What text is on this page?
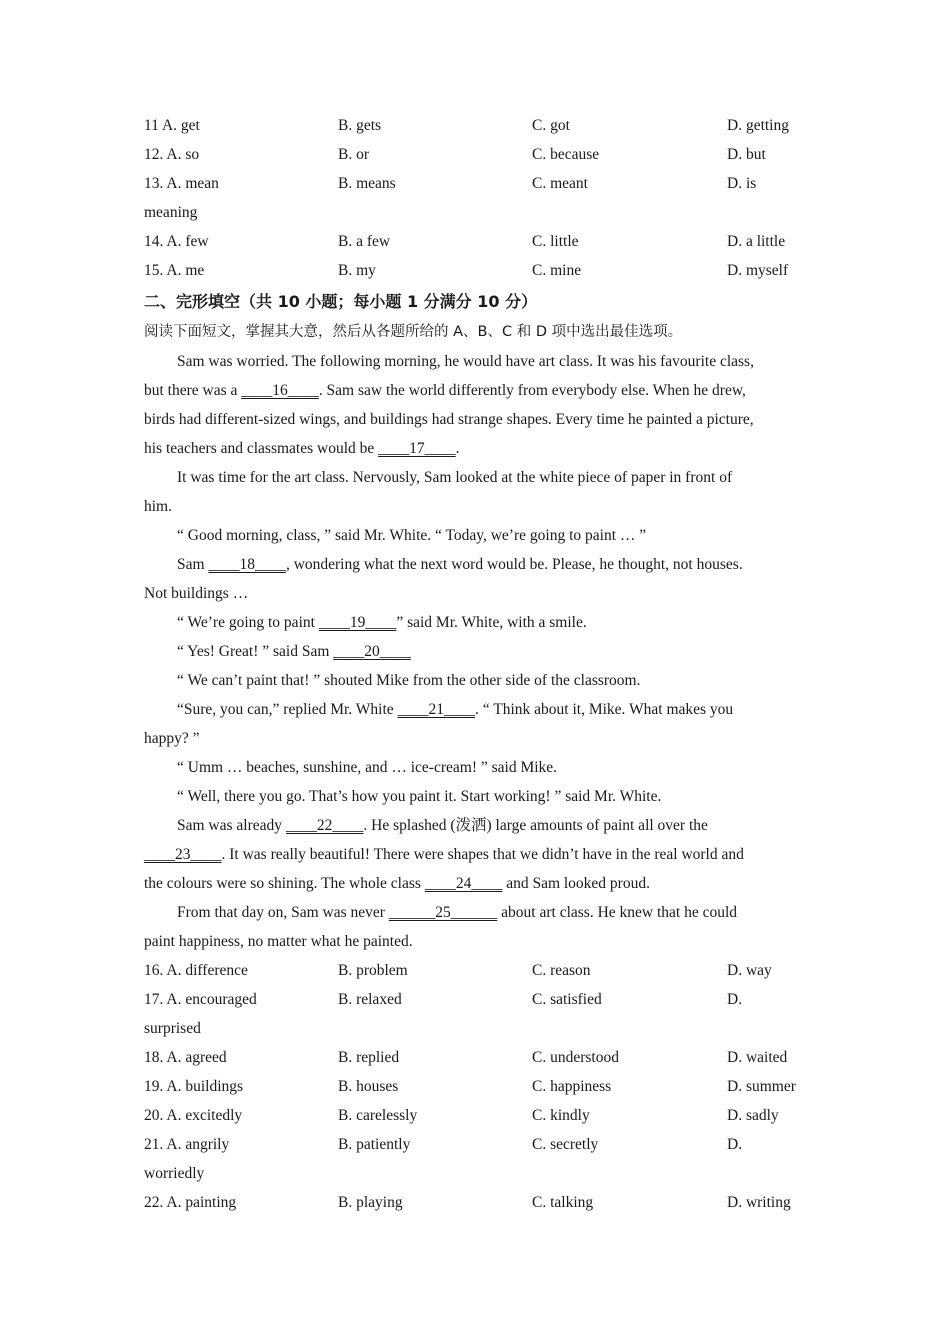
11 A. get	B. gets	C. got	D. getting
12. A. so	B. or	C. because	D. but
13. A. mean	B. means	C. meant	D. is
meaning
14. A. few	B. a few	C. little	D. a little
15. A. me	B. my	C. mine	D. myself
二、完形填空（共 10 小题；每小题 1 分满分 10 分）
阅读下面短文，掌握其大意，然后从各题所给的 A、B、C 和 D 项中选出最佳选项。
Sam was worried. The following morning, he would have art class. It was his favourite class,
but there was a ____16____. Sam saw the world differently from everybody else. When he drew,
birds had different-sized wings, and buildings had strange shapes. Every time he painted a picture,
his teachers and classmates would be ____17____.
It was time for the art class. Nervously, Sam looked at the white piece of paper in front of
him.
“ Good morning, class, ” said Mr. White. “ Today, we’re going to paint … ”
Sam ____18____, wondering what the next word would be. Please, he thought, not houses.
Not buildings …
“ We’re going to paint ____19____” said Mr. White, with a smile.
“ Yes! Great! ” said Sam ____20____
“ We can’t paint that! ” shouted Mike from the other side of the classroom.
“Sure, you can,” replied Mr. White ____21____. “ Think about it, Mike. What makes you
happy? ”
“ Umm … beaches, sunshine, and … ice-cream! ” said Mike.
“ Well, there you go. That’s how you paint it. Start working! ” said Mr. White.
Sam was already ____22____. He splashed (泼洒) large amounts of paint all over the
____23____. It was really beautiful! There were shapes that we didn’t have in the real world and
the colours were so shining. The whole class ____24____ and Sam looked proud.
From that day on, Sam was never ______25______ about art class. He knew that he could
paint happiness, no matter what he painted.
16. A. difference	B. problem	C. reason	D. way
17. A. encouraged	B. relaxed	C. satisfied	D.
surprised
18. A. agreed	B. replied	C. understood	D. waited
19. A. buildings	B. houses	C. happiness	D. summer
20. A. excitedly	B. carelessly	C. kindly	D. sadly
21. A. angrily	B. patiently	C. secretly	D.
worriedly
22. A. painting	B. playing	C. talking	D. writing
